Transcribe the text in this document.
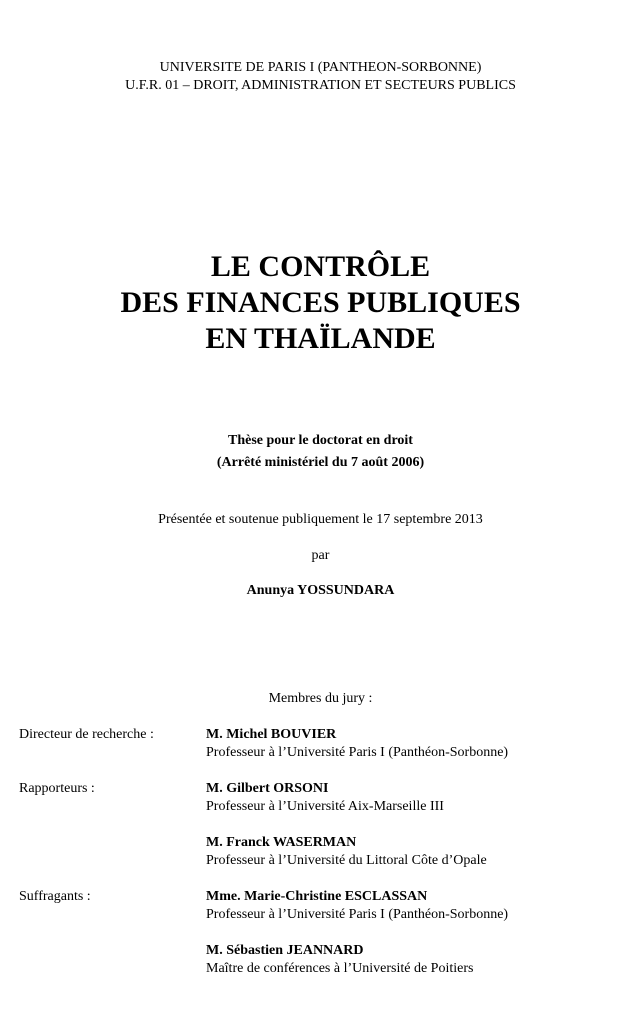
UNIVERSITE DE PARIS I (PANTHEON-SORBONNE)
U.F.R. 01 – DROIT, ADMINISTRATION ET SECTEURS PUBLICS
LE CONTRÔLE
DES FINANCES PUBLIQUES
EN THAÏLANDE
Thèse pour le doctorat en droit
(Arrêté ministériel du 7 août 2006)
Présentée et soutenue publiquement le 17 septembre 2013
par
Anunya YOSSUNDARA
Membres du jury :
Directeur de recherche :	M. Michel BOUVIER
Professeur à l’Université Paris I (Panthéon-Sorbonne)
Rapporteurs :	M. Gilbert ORSONI
Professeur à l’Université Aix-Marseille III
M. Franck WASERMAN
Professeur à l’Université du Littoral Côte d’Opale
Suffragants :	Mme. Marie-Christine ESCLASSAN
Professeur à l’Université Paris I (Panthéon-Sorbonne)
M. Sébastien JEANNARD
Maître de conférences à l’Université de Poitiers
